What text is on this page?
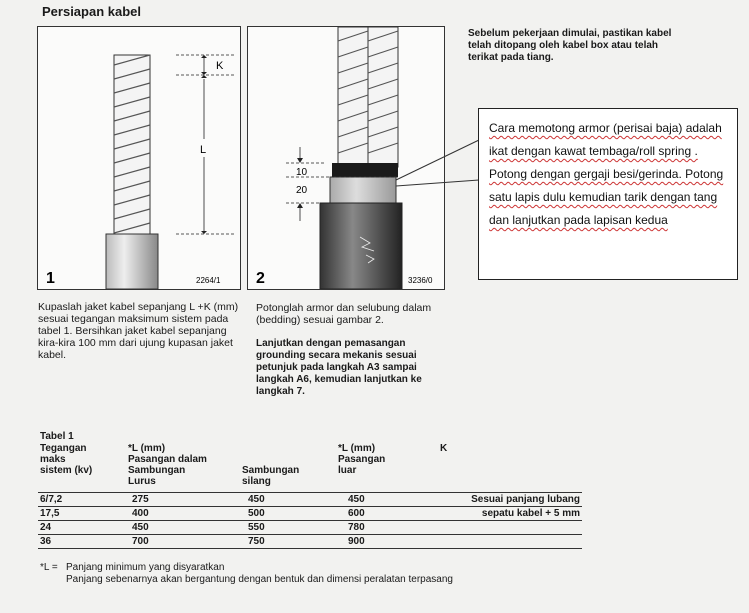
Persiapan kabel
K
L
1	2264/1
10
20
2	3236/0
Sebelum pekerjaan dimulai, pastikan kabel telah ditopang oleh kabel box atau telah terikat pada tiang.
Cara memotong armor (perisai baja) adalah ikat dengan kawat tembaga/roll spring . Potong dengan gergaji besi/gerinda. Potong satu lapis dulu kemudian tarik dengan tang dan lanjutkan pada lapisan kedua
Kupaslah jaket kabel sepanjang L +K (mm) sesuai tegangan maksimum sistem pada tabel 1. Bersihkan jaket kabel sepanjang kira-kira 100 mm dari ujung kupasan jaket kabel.
Potonglah armor dan selubung dalam (bedding) sesuai gambar 2.
Lanjutkan dengan pemasangan grounding secara mekanis sesuai petunjuk pada langkah A3 sampai langkah A6, kemudian lanjutkan ke langkah 7.
Tabel 1
Tegangan maks sistem (kv)
*L (mm)
Pasangan dalam
Sambungan Lurus
Sambungan silang
*L (mm) Pasangan luar
K
6/7,2	275	450	450	Sesuai panjang lubang
17,5	400	500	600	sepatu kabel + 5 mm
24	450	550	780	
36	700	750	900	
*L = Panjang minimum yang disyaratkan
Panjang sebenarnya akan bergantung dengan bentuk dan dimensi peralatan terpasang
